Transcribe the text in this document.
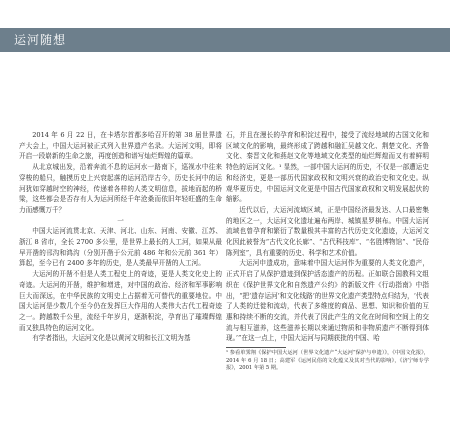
运河随想

2014 年 6 月 22 日，在卡塔尔首都多哈召开的第 38 届世界遗产大会上，中国大运河被正式列入世界遗产名录。大运河文明，即将开启一段崭新的生命之旅，再度创造和谱写灿烂辉煌的篇章。

从北京城出发，沿着奔流不息的运河水一路南下，巡视水中往来穿梭的船只，触摸历史上兴衰起落的运河沿岸古今，历史长河中的运河犹如穿越时空的神经，传递着各样的人类文明信息，拔地而起的桥梁，这些都会是否存有人为运河所经千年沧桑而依旧年轻旺盛的生命力而感慨万千？

一

中国大运河流贯北京、天津、河北、山东、河南、安徽、江苏、浙江 8 省市，全长 2700 多公里，是世界上最长的人工河，如果从最早开凿的邗沟和鸿沟（分别开凿于公元前 486 年和公元前 361 年）算起，至今已有 2400 多年的历史，是人类最早开凿的人工河。

大运河的开凿不但是人类工程史上的奇迹，更是人类文化史上的奇迹。大运河的开凿，维护和增进，对中国的政治、经济和军事影响巨大而深远，在中华民族的文明史上占据着无可替代的重要地位。中国大运河是少数几个至今仍在发挥巨大作用的人类伟大古代工程奇迹之一。跨越数千公里，流经千年岁月，逐渐积淀，孕育出了璀璨辉煌而又独具特色的运河文化。

有学者指出，大运河文化是以黄河文明和长江文明为基

石，并且在漫长的孕育和积淀过程中，接受了流经地域的古国文化和区域文化的影响，最终形成了跨越和融汇吴越文化、荆楚文化、齐鲁文化、秦晋文化和燕赵文化等地域文化类型的灿烂辉煌而又有着鲜明特色的运河文化。¹ 显然，一部中国大运河的历史，不仅是一部遭运史和经济史，更是一部历代国家政权和文明兴衰的政治史和文化史。纵观华夏历史，中国运河文化更是中国古代国家政权和文明发展起伏的缩影。

近代以后，大运河流域区域，正是中国经济最发达、人口最密集的地区之一，大运河文化遗址遍布两岸、城镇星罗棋布。中国大运河流域也曾孕育和繁衍了数量极其丰富的古代历史文化遗迹，大运河文化因此被誉为“古代文化长廊”、“古代科技库”、“名胜博物馆”、“民俗陈列室”，具有重要的历史、科学和艺术价值。

大运河申遗成功，意味着中国大运河作为重要的人类文化遗产，正式开启了从保护遗迹到保护活态遗产的历程。正如联合国教科文组织在《保护世界文化和自然遗产公约》的新版文件《行动指南》中指出，“把‘遗存运河’和文化线路’的世界文化遗产类型特点归结为，‘代表了人类的迁徙和流动，代表了多维度的商品、思想、知识和价值的互惠和持续不断的交流，并代表了因此产生的文化在时间和空间上的交流与相互滋养，这些滋养长期以来通过物质和非物质遗产不断得到体现。’”在这一点上，中国大运河与同期获批的中国、哈

¹ 参看单霁翔《保护中国大运河（世界文化遗产“大运河”保护与申遗）》，《中国文化报》，2014 年 6 月 18 日；高建军《运河民俗的文化蕴义及其对当代的影响》，《济宁师专学报》，2001 年第 5 期。
